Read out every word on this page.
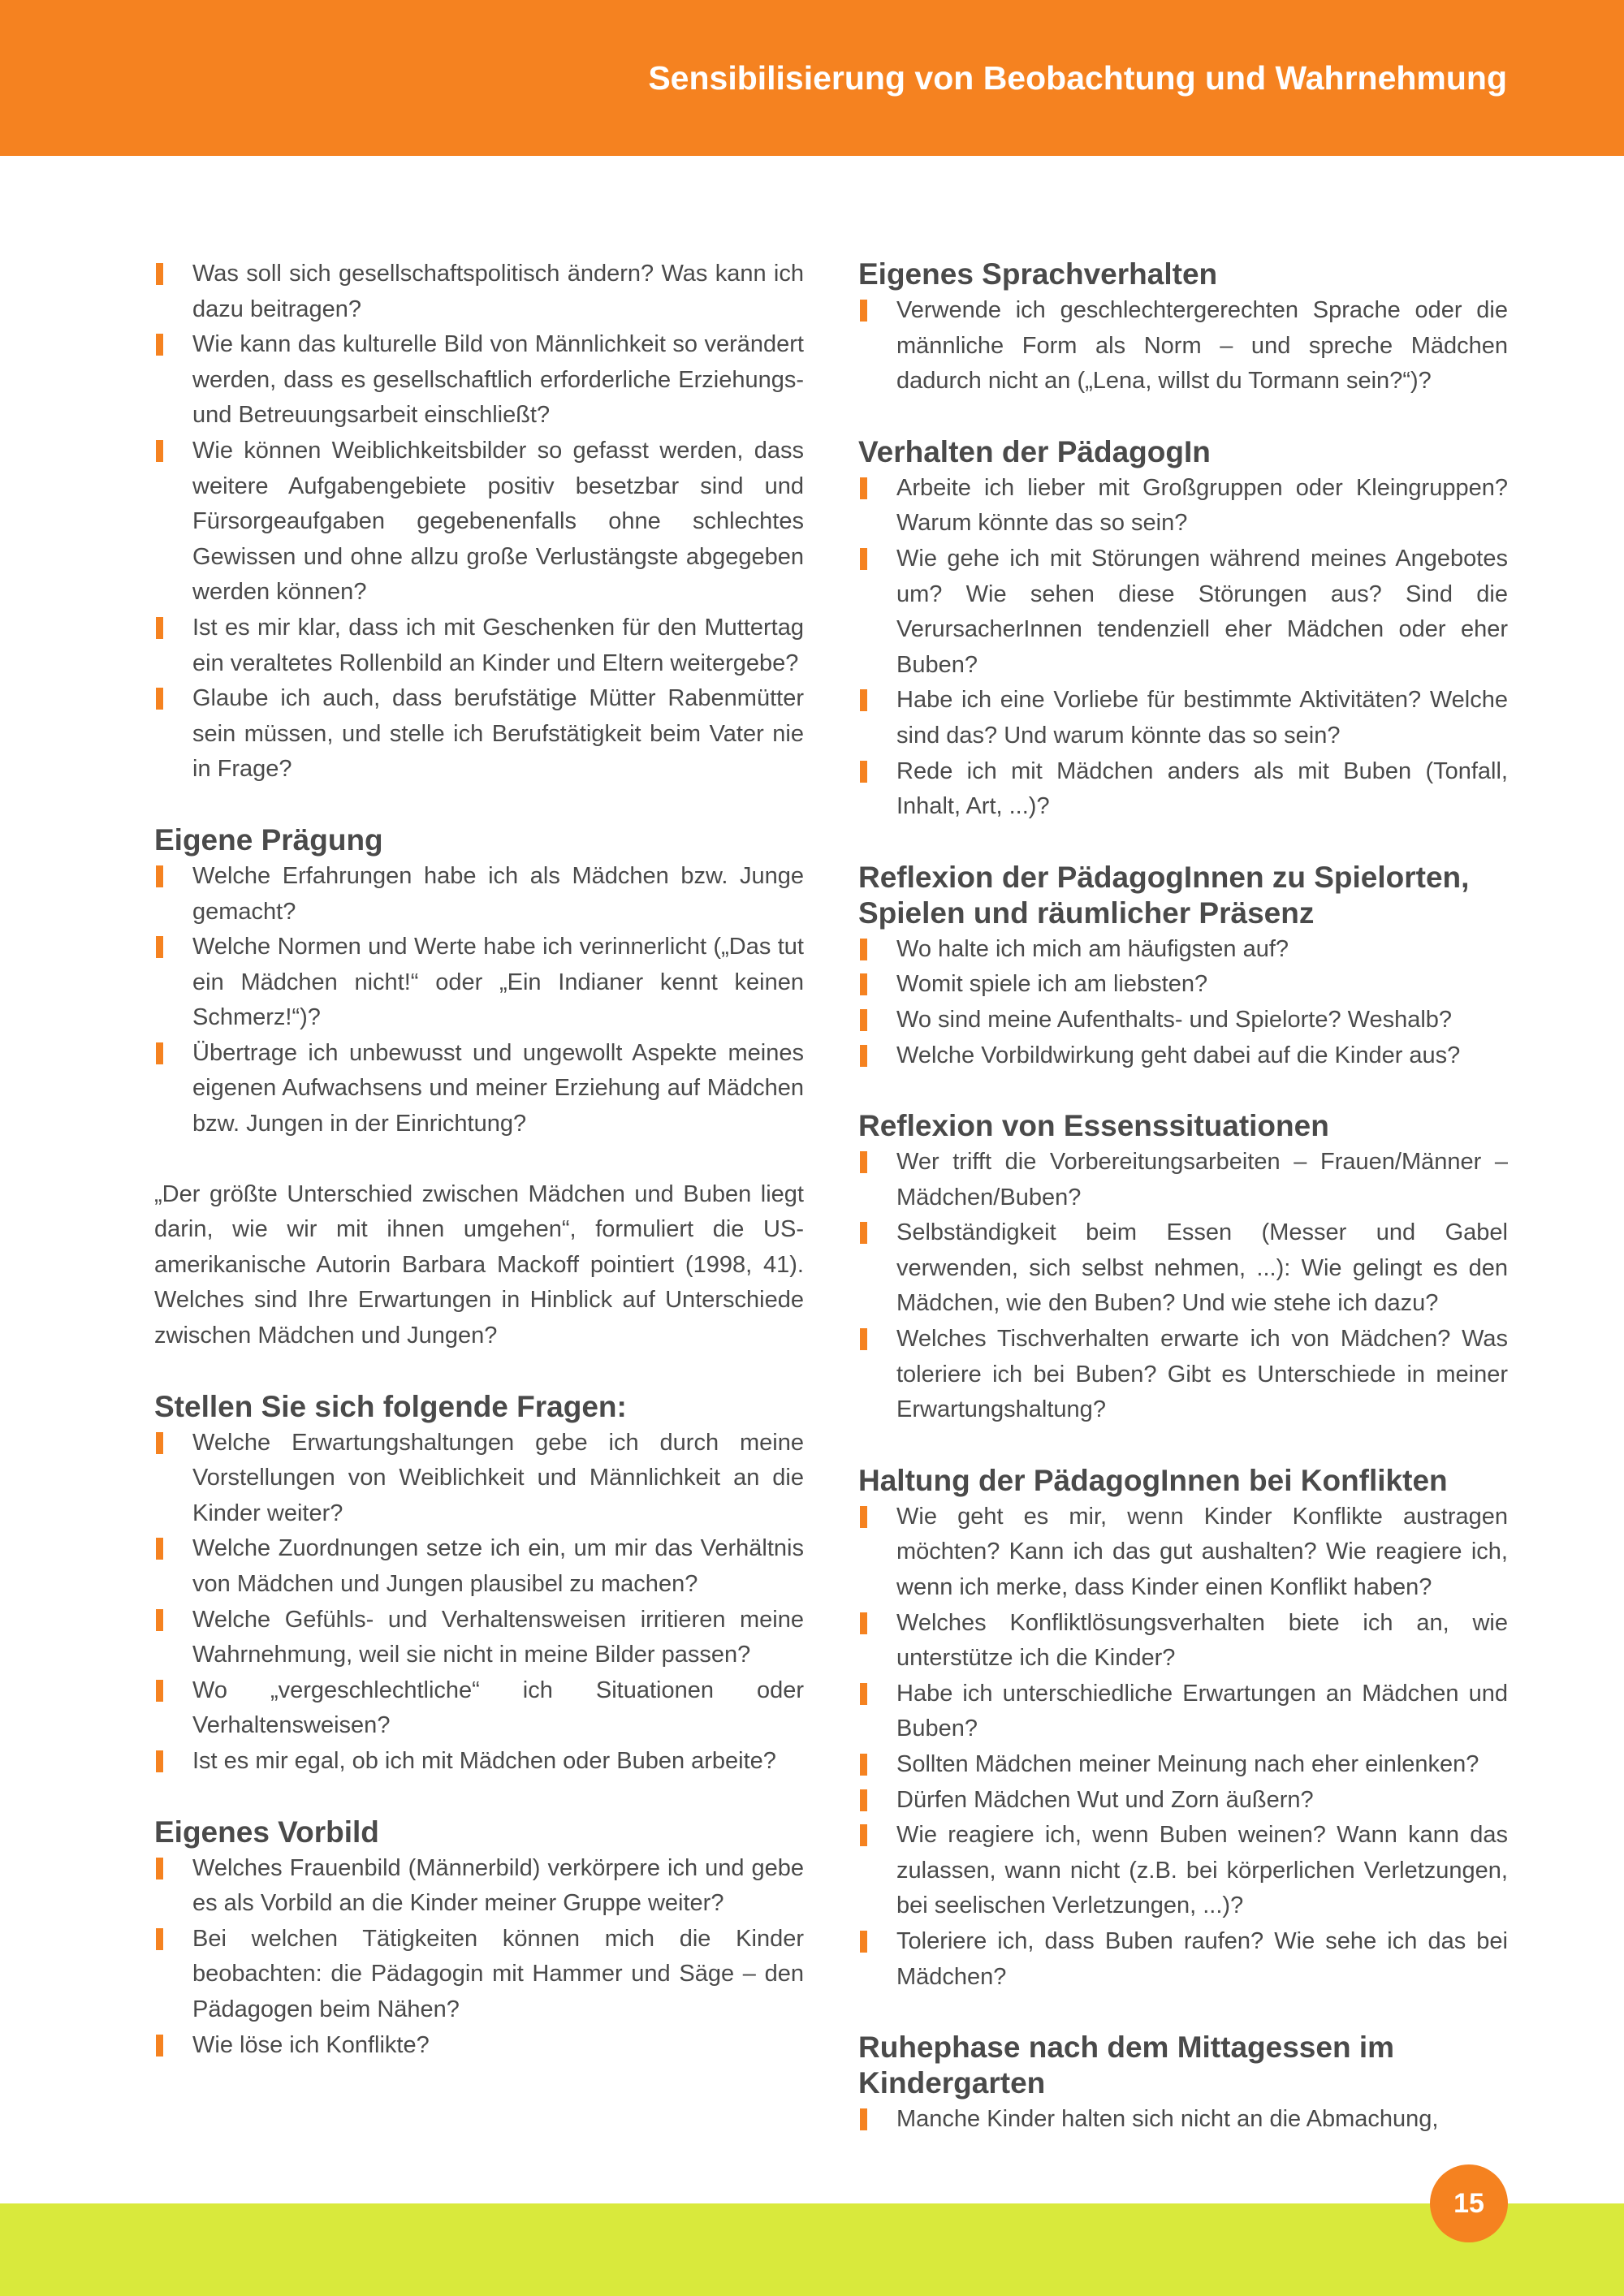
Sensibilisierung von Beobachtung und Wahrnehmung
Was soll sich gesellschaftspolitisch ändern? Was kann ich dazu beitragen?
Wie kann das kulturelle Bild von Männlichkeit so verändert werden, dass es gesellschaftlich erforderliche Erziehungs- und Betreuungsarbeit einschließt?
Wie können Weiblichkeitsbilder so gefasst werden, dass weitere Aufgabengebiete positiv besetzbar sind und Fürsorgeaufgaben gegebenenfalls ohne schlechtes Gewissen und ohne allzu große Verlustängste abgegeben werden können?
Ist es mir klar, dass ich mit Geschenken für den Muttertag ein veraltetes Rollenbild an Kinder und Eltern weitergebe?
Glaube ich auch, dass berufstätige Mütter Rabenmütter sein müssen, und stelle ich Berufstätigkeit beim Vater nie in Frage?
Eigene Prägung
Welche Erfahrungen habe ich als Mädchen bzw. Junge gemacht?
Welche Normen und Werte habe ich verinnerlicht („Das tut ein Mädchen nicht!“ oder „Ein Indianer kennt keinen Schmerz!“)?
Übertrage ich unbewusst und ungewollt Aspekte meines eigenen Aufwachsens und meiner Erziehung auf Mädchen bzw. Jungen in der Einrichtung?

„Der größte Unterschied zwischen Mädchen und Buben liegt darin, wie wir mit ihnen umgehen“, formuliert die US-amerikanische Autorin Barbara Mackoff pointiert (1998, 41). Welches sind Ihre Erwartungen in Hinblick auf Unterschiede zwischen Mädchen und Jungen?

Stellen Sie sich folgende Fragen:
Welche Erwartungshaltungen gebe ich durch meine Vorstellungen von Weiblichkeit und Männlichkeit an die Kinder weiter?
Welche Zuordnungen setze ich ein, um mir das Verhältnis von Mädchen und Jungen plausibel zu machen?
Welche Gefühls- und Verhaltensweisen irritieren meine Wahrnehmung, weil sie nicht in meine Bilder passen?
Wo „vergeschlechtliche“ ich Situationen oder Verhaltensweisen?
Ist es mir egal, ob ich mit Mädchen oder Buben arbeite?
Eigenes Vorbild
Welches Frauenbild (Männerbild) verkörpere ich und gebe es als Vorbild an die Kinder meiner Gruppe weiter?
Bei welchen Tätigkeiten können mich die Kinder beobachten: die Pädagogin mit Hammer und Säge – den Pädagogen beim Nähen?
Wie löse ich Konflikte?
Eigenes Sprachverhalten
Verwende ich geschlechtergerechten Sprache oder die männliche Form als Norm – und spreche Mädchen dadurch nicht an („Lena, willst du Tormann sein?“)?
Verhalten der PädagogIn
Arbeite ich lieber mit Großgruppen oder Kleingruppen? Warum könnte das so sein?
Wie gehe ich mit Störungen während meines Angebotes um? Wie sehen diese Störungen aus? Sind die VerursacherInnen tendenziell eher Mädchen oder eher Buben?
Habe ich eine Vorliebe für bestimmte Aktivitäten? Welche sind das? Und warum könnte das so sein?
Rede ich mit Mädchen anders als mit Buben (Tonfall, Inhalt, Art, ...)?
Reflexion der PädagogInnen zu Spielorten, Spielen und räumlicher Präsenz
Wo halte ich mich am häufigsten auf?
Womit spiele ich am liebsten?
Wo sind meine Aufenthalts- und Spielorte? Weshalb?
Welche Vorbildwirkung geht dabei auf die Kinder aus?
Reflexion von Essenssituationen
Wer trifft die Vorbereitungsarbeiten – Frauen/Männer – Mädchen/Buben?
Selbständigkeit beim Essen (Messer und Gabel verwenden, sich selbst nehmen, ...): Wie gelingt es den Mädchen, wie den Buben? Und wie stehe ich dazu?
Welches Tischverhalten erwarte ich von Mädchen? Was toleriere ich bei Buben? Gibt es Unterschiede in meiner Erwartungshaltung?
Haltung der PädagogInnen bei Konflikten
Wie geht es mir, wenn Kinder Konflikte austragen möchten? Kann ich das gut aushalten? Wie reagiere ich, wenn ich merke, dass Kinder einen Konflikt haben?
Welches Konfliktlösungsverhalten biete ich an, wie unterstütze ich die Kinder?
Habe ich unterschiedliche Erwartungen an Mädchen und Buben?
Sollten Mädchen meiner Meinung nach eher einlenken?
Dürfen Mädchen Wut und Zorn äußern?
Wie reagiere ich, wenn Buben weinen? Wann kann das zulassen, wann nicht (z.B. bei körperlichen Verletzungen, bei seelischen Verletzungen, ...)?
Toleriere ich, dass Buben raufen? Wie sehe ich das bei Mädchen?
Ruhephase nach dem Mittagessen im Kindergarten
Manche Kinder halten sich nicht an die Abmachung,
15
